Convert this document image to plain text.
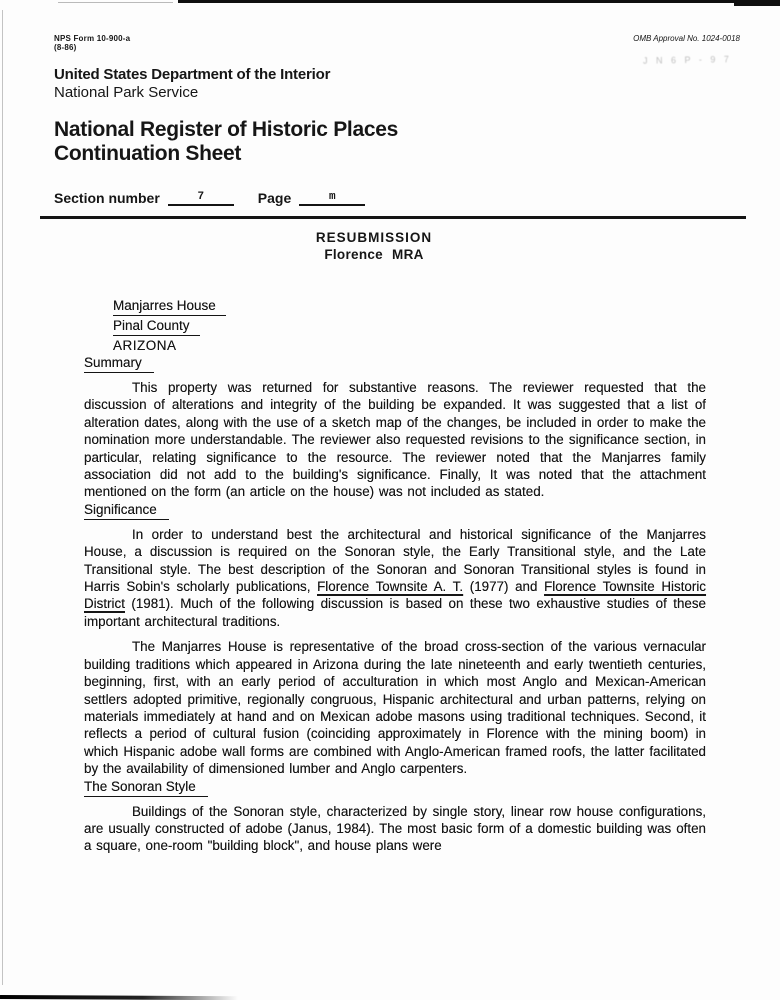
J N 6 P - 9 7
NPS Form 10-900-a
(8-86)
OMB Approval No. 1024-0018
United States Department of the Interior
National Park Service
National Register of Historic Places
Continuation Sheet
Section number	7	Page	m
RESUBMISSION
Florence MRA
Manjarres House
Pinal County
ARIZONA
Summary

This property was returned for substantive reasons. The reviewer requested that the discussion of alterations and integrity of the building be expanded. It was suggested that a list of alteration dates, along with the use of a sketch map of the changes, be included in order to make the nomination more understandable. The reviewer also requested revisions to the significance section, in particular, relating significance to the resource. The reviewer noted that the Manjarres family association did not add to the building's significance. Finally, It was noted that the attachment mentioned on the form (an article on the house) was not included as stated.

Significance

In order to understand best the architectural and historical significance of the Manjarres House, a discussion is required on the Sonoran style, the Early Transitional style, and the Late Transitional style. The best description of the Sonoran and Sonoran Transitional styles is found in Harris Sobin's scholarly publications, Florence Townsite A. T. (1977) and Florence Townsite Historic District (1981). Much of the following discussion is based on these two exhaustive studies of these important architectural traditions.

The Manjarres House is representative of the broad cross-section of the various vernacular building traditions which appeared in Arizona during the late nineteenth and early twentieth centuries, beginning, first, with an early period of acculturation in which most Anglo and Mexican-American settlers adopted primitive, regionally congruous, Hispanic architectural and urban patterns, relying on materials immediately at hand and on Mexican adobe masons using traditional techniques. Second, it reflects a period of cultural fusion (coinciding approximately in Florence with the mining boom) in which Hispanic adobe wall forms are combined with Anglo-American framed roofs, the latter facilitated by the availability of dimensioned lumber and Anglo carpenters.

The Sonoran Style

Buildings of the Sonoran style, characterized by single story, linear row house configurations, are usually constructed of adobe (Janus, 1984). The most basic form of a domestic building was often a square, one-room "building block", and house plans were
